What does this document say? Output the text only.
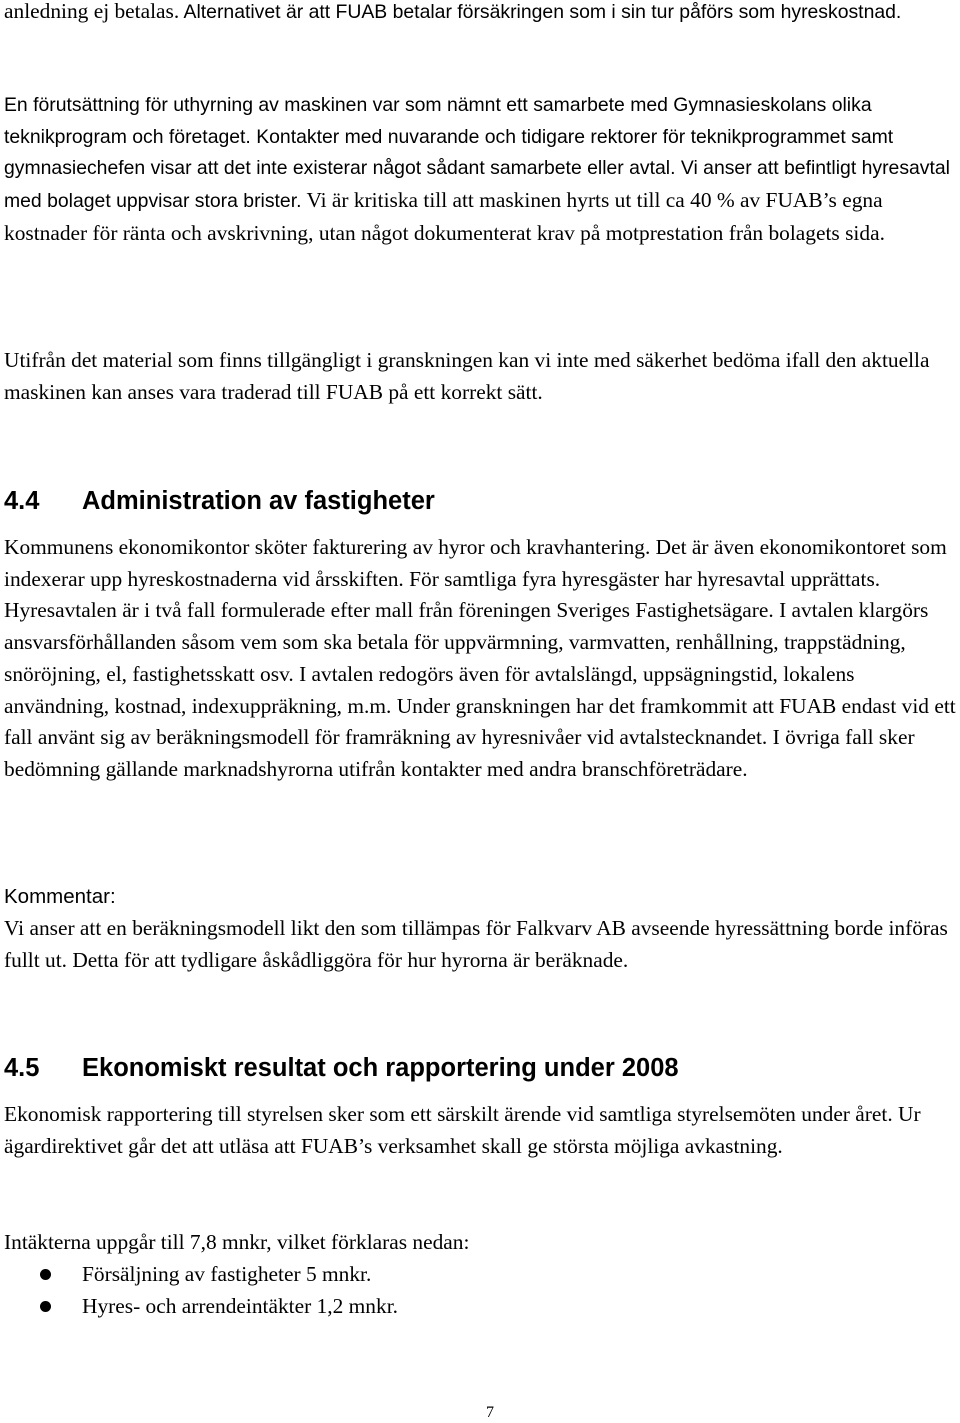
anledning ej betalas. Alternativet är att FUAB betalar försäkringen som i sin tur påförs som hyreskostnad.

En förutsättning för uthyrning av maskinen var som nämnt ett samarbete med Gymnasieskolans olika teknikprogram och företaget. Kontakter med nuvarande och tidigare rektorer för teknikprogrammet samt gymnasiechefen visar att det inte existerar något sådant samarbete eller avtal. Vi anser att befintligt hyresavtal med bolaget uppvisar stora brister. Vi är kritiska till att maskinen hyrts ut till ca 40 % av FUAB’s egna kostnader för ränta och avskrivning, utan något dokumenterat krav på motprestation från bolagets sida.

Utifrån det material som finns tillgängligt i granskningen kan vi inte med säkerhet bedöma ifall den aktuella maskinen kan anses vara traderad till FUAB på ett korrekt sätt.

4.4 Administration av fastigheter

Kommunens ekonomikontor sköter fakturering av hyror och kravhantering. Det är även ekonomikontoret som indexerar upp hyreskostnaderna vid årsskiften. För samtliga fyra hyresgäster har hyresavtal upprättats. Hyresavtalen är i två fall formulerade efter mall från föreningen Sveriges Fastighetsägare. I avtalen klargörs ansvarsförhållanden såsom vem som ska betala för uppvärmning, varmvatten, renhållning, trappstädning, snöröjning, el, fastighetsskatt osv. I avtalen redogörs även för avtalslängd, uppsägningstid, lokalens användning, kostnad, indexuppräkning, m.m. Under granskningen har det framkommit att FUAB endast vid ett fall använt sig av beräkningsmodell för framräkning av hyresnivåer vid avtalstecknandet. I övriga fall sker bedömning gällande marknadshyrorna utifrån kontakter med andra branschföreträdare.

Kommentar:

Vi anser att en beräkningsmodell likt den som tillämpas för Falkvarv AB avseende hyressättning borde införas fullt ut. Detta för att tydligare åskådliggöra för hur hyrorna är beräknade.

4.5 Ekonomiskt resultat och rapportering under 2008

Ekonomisk rapportering till styrelsen sker som ett särskilt ärende vid samtliga styrelsemöten under året. Ur ägardirektivet går det att utläsa att FUAB’s verksamhet skall ge största möjliga avkastning.

Intäkterna uppgår till 7,8 mnkr, vilket förklaras nedan:

Försäljning av fastigheter 5 mnkr.
Hyres- och arrendeintäkter 1,2 mnkr.
7
